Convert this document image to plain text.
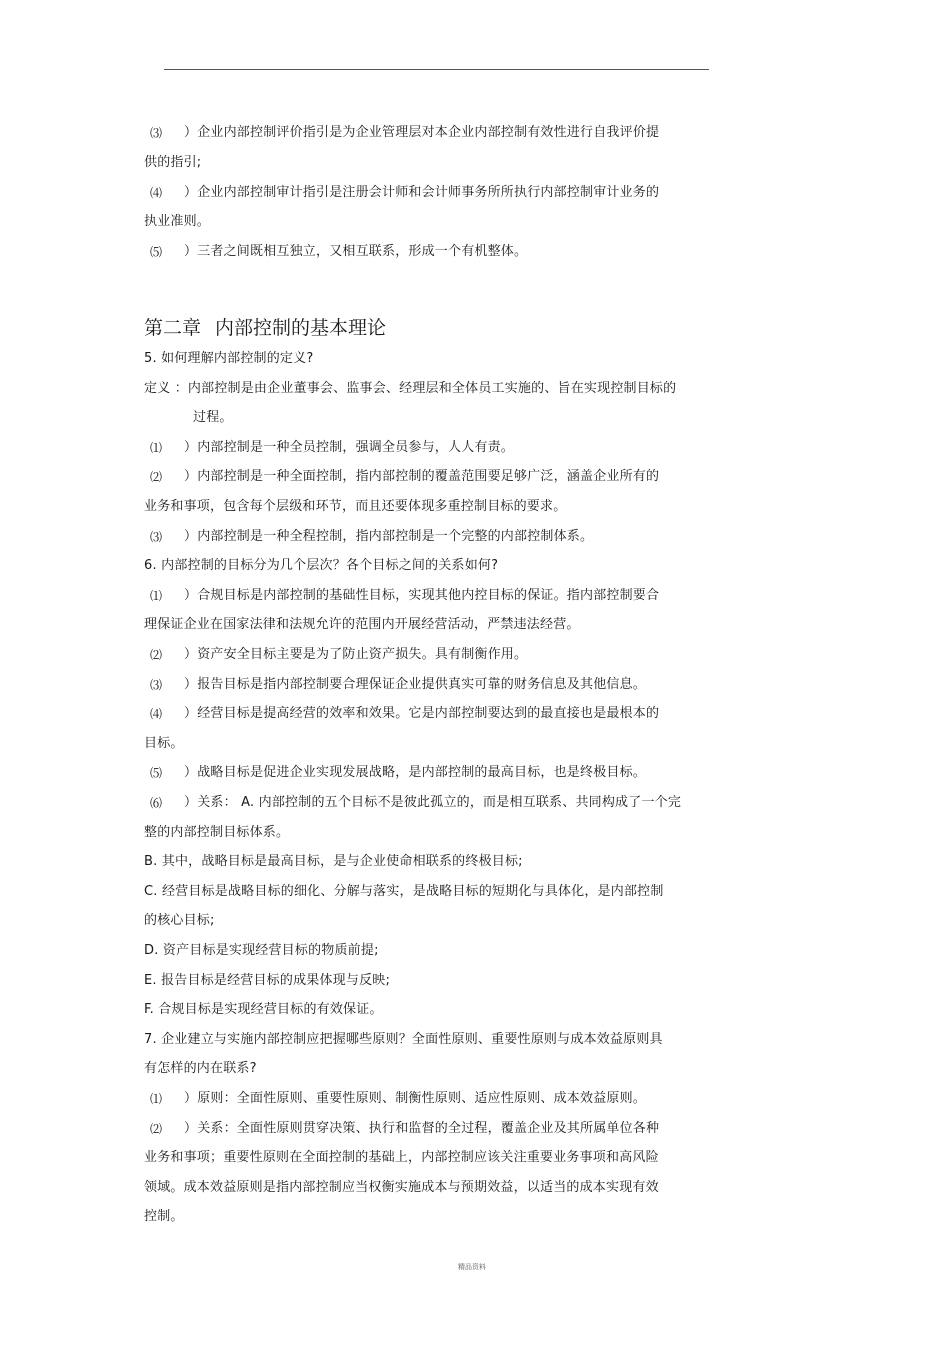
⑶ ）企业内部控制评价指引是为企业管理层对本企业内部控制有效性进行自我评价提
供的指引;
⑷ ）企业内部控制审计指引是注册会计师和会计师事务所所执行内部控制审计业务的
执业准则。
⑸ ）三者之间既相互独立，又相互联系，形成一个有机整体。
第二章 内部控制的基本理论
5. 如何理解内部控制的定义?
定义 ：内部控制是由企业董事会、监事会、经理层和全体员工实施的、旨在实现控制目标的
过程。
⑴ ）内部控制是一种全员控制，强调全员参与，人人有责。
⑵ ）内部控制是一种全面控制，指内部控制的覆盖范围要足够广泛，涵盖企业所有的
业务和事项，包含每个层级和环节，而且还要体现多重控制目标的要求。
⑶ ）内部控制是一种全程控制，指内部控制是一个完整的内部控制体系。
6. 内部控制的目标分为几个层次？各个目标之间的关系如何?
⑴ ）合规目标是内部控制的基础性目标，实现其他内控目标的保证。指内部控制要合
理保证企业在国家法律和法规允许的范围内开展经营活动，严禁违法经营。
⑵ ）资产安全目标主要是为了防止资产损失。具有制衡作用。
⑶ ）报告目标是指内部控制要合理保证企业提供真实可靠的财务信息及其他信息。
⑷ ）经营目标是提高经营的效率和效果。它是内部控制要达到的最直接也是最根本的
目标。
⑸ ）战略目标是促进企业实现发展战略，是内部控制的最高目标，也是终极目标。
⑹ ）关系： A. 内部控制的五个目标不是彼此孤立的，而是相互联系、共同构成了一个完
整的内部控制目标体系。
B. 其中，战略目标是最高目标，是与企业使命相联系的终极目标;
C. 经营目标是战略目标的细化、分解与落实，是战略目标的短期化与具体化，是内部控制
的核心目标;
D. 资产目标是实现经营目标的物质前提;
E. 报告目标是经营目标的成果体现与反映;
F. 合规目标是实现经营目标的有效保证。
7. 企业建立与实施内部控制应把握哪些原则？全面性原则、重要性原则与成本效益原则具
有怎样的内在联系?
⑴ ）原则：全面性原则、重要性原则、制衡性原则、适应性原则、成本效益原则。
⑵ ）关系：全面性原则贯穿决策、执行和监督的全过程，覆盖企业及其所属单位各种
业务和事项；重要性原则在全面控制的基础上，内部控制应该关注重要业务事项和高风险
领域。成本效益原则是指内部控制应当权衡实施成本与预期效益，以适当的成本实现有效
控制。
精品资料
